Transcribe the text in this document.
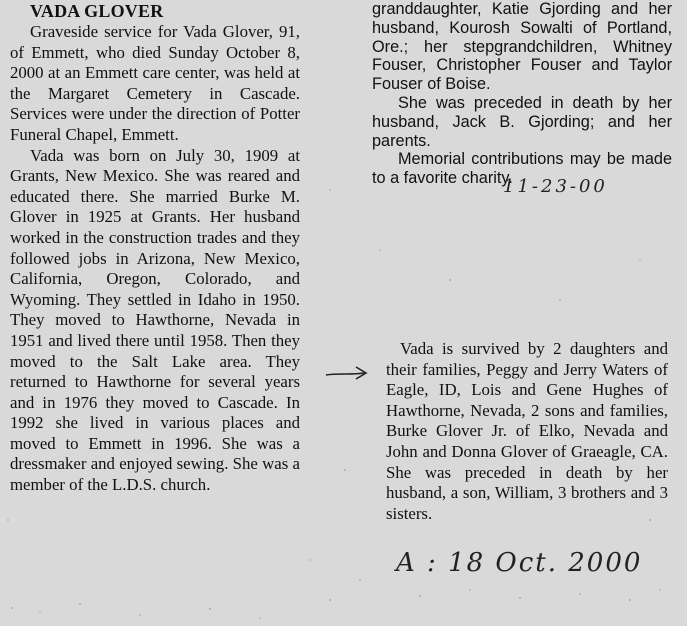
VADA GLOVER

Graveside service for Vada Glover, 91, of Emmett, who died Sunday October 8, 2000 at an Emmett care center, was held at the Margaret Cemetery in Cascade. Services were under the direction of Potter Funeral Chapel, Emmett.

Vada was born on July 30, 1909 at Grants, New Mexico. She was reared and educated there. She married Burke M. Glover in 1925 at Grants. Her husband worked in the construction trades and they followed jobs in Arizona, New Mexico, California, Oregon, Colorado, and Wyoming. They settled in Idaho in 1950. They moved to Hawthorne, Nevada in 1951 and lived there until 1958. Then they moved to the Salt Lake area. They returned to Hawthorne for several years and in 1976 they moved to Cascade. In 1992 she lived in various places and moved to Emmett in 1996. She was a dressmaker and enjoyed sewing. She was a member of the L.D.S. church.

granddaughter, Katie Gjording and her husband, Kourosh Sowalti of Portland, Ore.; her stepgrandchildren, Whitney Fouser, Christopher Fouser and Taylor Fouser of Boise.

She was preceded in death by her husband, Jack B. Gjording; and her parents.

Memorial contributions may be made to a favorite charity.

11-23-00

Vada is survived by 2 daughters and their families, Peggy and Jerry Waters of Eagle, ID, Lois and Gene Hughes of Hawthorne, Nevada, 2 sons and families, Burke Glover Jr. of Elko, Nevada and John and Donna Glover of Graeagle, CA. She was preceded in death by her husband, a son, William, 3 brothers and 3 sisters.

A : 18 Oct. 2000
